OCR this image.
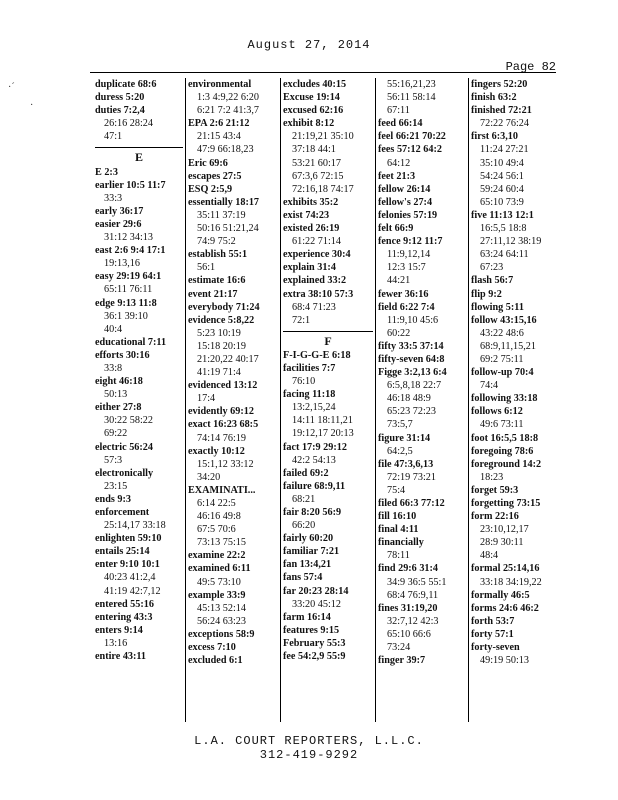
August 27, 2014
Page 82
duplicate 68:6
duress 5:20
duties 7:2,4
26:16 28:24
47:1
E
E 2:3
earlier 10:5 11:7
33:3
early 36:17
easier 29:6
31:12 34:13
east 2:6 9:4 17:1
19:13,16
easy 29:19 64:1
65:11 76:11
edge 9:13 11:8
36:1 39:10
40:4
educational 7:11
efforts 30:16
33:8
eight 46:18
50:13
either 27:8
30:22 58:22
69:22
electric 56:24
57:3
electronically
23:15
ends 9:3
enforcement
25:14,17 33:18
enlighten 59:10
entails 25:14
enter 9:10 10:1
40:23 41:2,4
41:19 42:7,12
entered 55:16
entering 43:3
enters 9:14
13:16
entire 43:11
environmental
1:3 4:9,22 6:20
6:21 7:2 41:3,7
EPA 2:6 21:12
21:15 43:4
47:9 66:18,23
Eric 69:6
escapes 27:5
ESQ 2:5,9
essentially 18:17
35:11 37:19
50:16 51:21,24
74:9 75:2
establish 55:1
56:1
estimate 16:6
event 21:17
everybody 71:24
evidence 5:8,22
5:23 10:19
15:18 20:19
21:20,22 40:17
41:19 71:4
evidenced 13:12
17:4
evidently 69:12
exact 16:23 68:5
74:14 76:19
exactly 10:12
15:1,12 33:12
34:20
EXAMINATI...
6:14 22:5
46:16 49:8
67:5 70:6
73:13 75:15
examine 22:2
examined 6:11
49:5 73:10
example 33:9
45:13 52:14
56:24 63:23
exceptions 58:9
excess 7:10
excluded 6:1
excludes 40:15
Excuse 19:14
excused 62:16
exhibit 8:12
21:19,21 35:10
37:18 44:1
53:21 60:17
67:3,6 72:15
72:16,18 74:17
exhibits 35:2
exist 74:23
existed 26:19
61:22 71:14
experience 30:4
explain 31:4
explained 33:2
extra 38:10 57:3
68:4 71:23
72:1
F
F-I-G-G-E 6:18
facilities 7:7
76:10
facing 11:18
13:2,15,24
14:11 18:11,21
19:12,17 20:13
fact 17:9 29:12
42:2 54:13
failed 69:2
failure 68:9,11
68:21
fair 8:20 56:9
66:20
fairly 60:20
familiar 7:21
fan 13:4,21
fans 57:4
far 20:23 28:14
33:20 45:12
farm 16:14
features 9:15
February 55:3
fee 54:2,9 55:9
55:16,21,23
56:11 58:14
67:11
feed 66:14
feel 66:21 70:22
fees 57:12 64:2
64:12
feet 21:3
fellow 26:14
fellow's 27:4
felonies 57:19
felt 66:9
fence 9:12 11:7
11:9,12,14
12:3 15:7
44:21
fewer 36:16
field 6:22 7:4
11:9,10 45:6
60:22
fifty 33:5 37:14
fifty-seven 64:8
Figge 3:2,13 6:4
6:5,8,18 22:7
46:18 48:9
65:23 72:23
73:5,7
figure 31:14
64:2,5
file 47:3,6,13
72:19 73:21
75:4
filed 66:3 77:12
fill 16:10
final 4:11
financially
78:11
find 29:6 31:4
34:9 36:5 55:1
68:4 76:9,11
fines 31:19,20
32:7,12 42:3
65:10 66:6
73:24
finger 39:7
fingers 52:20
finish 63:2
finished 72:21
72:22 76:24
first 6:3,10
11:24 27:21
35:10 49:4
54:24 56:1
59:24 60:4
65:10 73:9
five 11:13 12:1
16:5,5 18:8
27:11,12 38:19
63:24 64:11
67:23
flash 56:7
flip 9:2
flowing 5:11
follow 43:15,16
43:22 48:6
68:9,11,15,21
69:2 75:11
follow-up 70:4
74:4
following 33:18
follows 6:12
49:6 73:11
foot 16:5,5 18:8
foregoing 78:6
foreground 14:2
18:23
forget 59:3
forgetting 73:15
form 22:16
23:10,12,17
28:9 30:11
48:4
formal 25:14,16
33:18 34:19,22
formally 46:5
forms 24:6 46:2
forth 53:7
forty 57:1
forty-seven
49:19 50:13
L.A. COURT REPORTERS, L.L.C.
312-419-9292
·´
·
